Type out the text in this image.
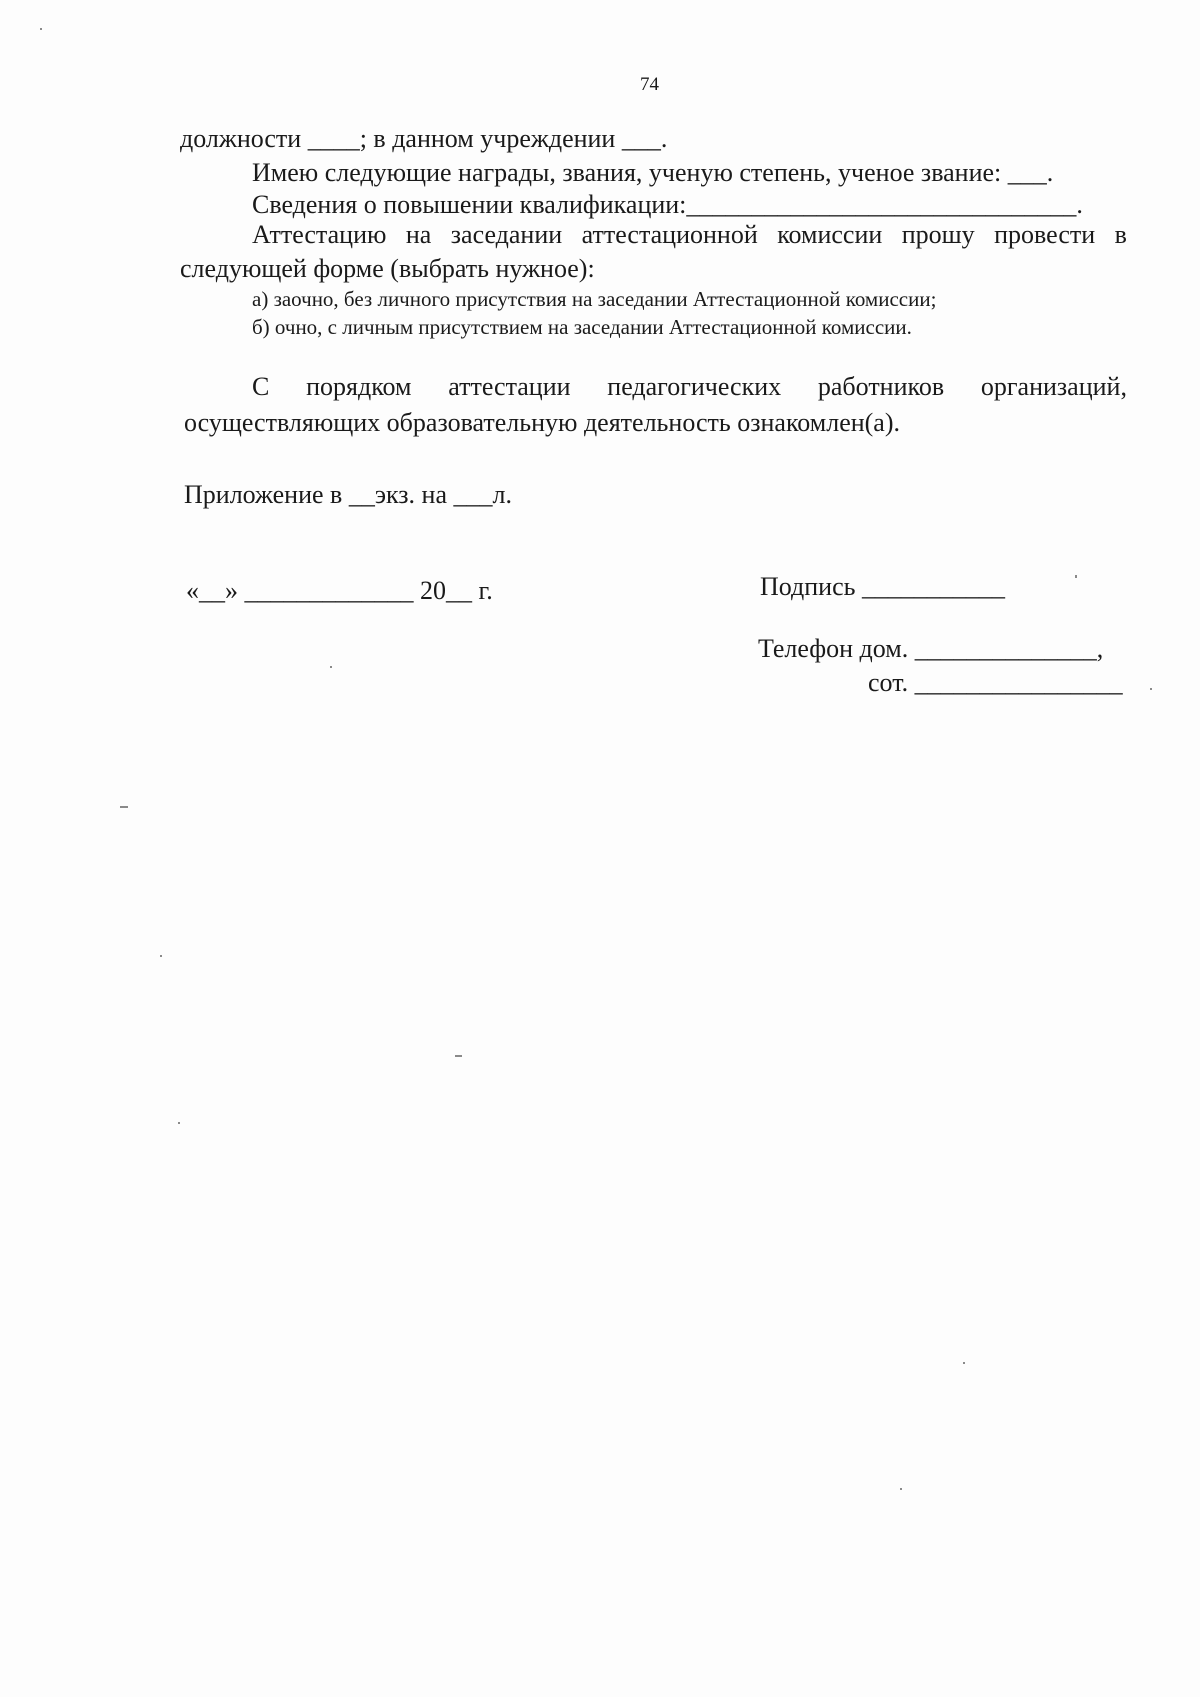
74
должности ____; в данном учреждении ___.
Имею следующие награды, звания, ученую степень, ученое звание: ___.
Сведения о повышении квалификации:______________________________.
Аттестацию на заседании аттестационной комиссии прошу провести в
следующей форме (выбрать нужное):
а) заочно, без личного присутствия на заседании Аттестационной комиссии;
б) очно, с личным присутствием на заседании Аттестационной комиссии.
С порядком аттестации педагогических работников организаций,
осуществляющих образовательную деятельность ознакомлен(а).
Приложение в __экз. на ___л.
«__» _____________ 20__ г.	Подпись ___________
Телефон дом. ______________,
сот. ________________
